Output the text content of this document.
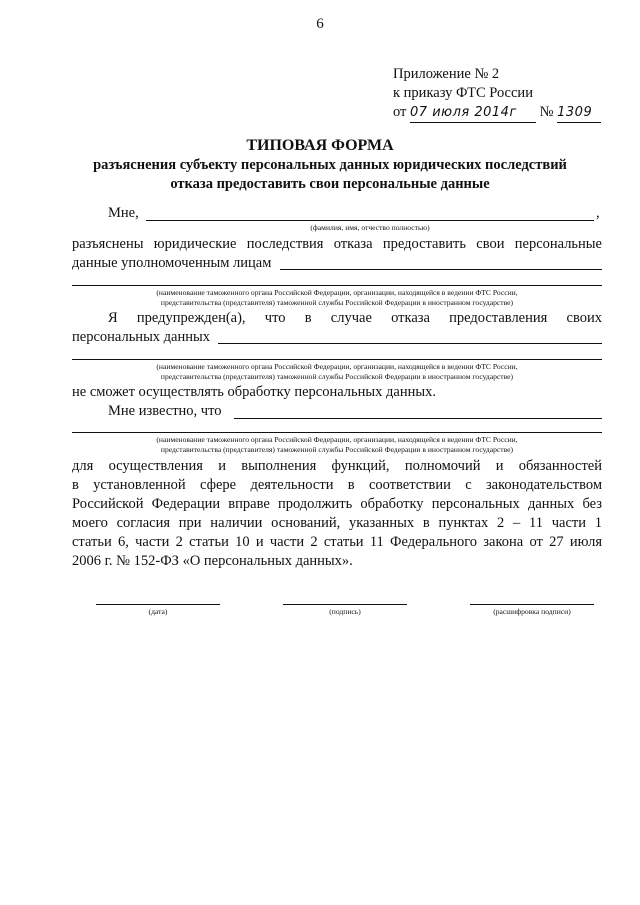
6
Приложение № 2
к приказу ФТС России
от 07 июля 2014г № 1309
ТИПОВАЯ ФОРМА
разъяснения субъекту персональных данных юридических последствий
отказа предоставить свои персональные данные
Мне,	,
(фамилия, имя, отчество полностью)
разъяснены юридические последствия отказа предоставить свои персональные
данные уполномоченным лицам
(наименование таможенного органа Российской Федерации, организации, находящейся в ведении ФТС России,
представительства (представителя) таможенной службы Российской Федерации в иностранном государстве)
Я предупрежден(а), что в случае отказа предоставления своих
персональных данных
(наименование таможенного органа Российской Федерации, организации, находящейся в ведении ФТС России,
представительства (представителя) таможенной службы Российской Федерации в иностранном государстве)
не сможет осуществлять обработку персональных данных.
Мне известно, что
(наименование таможенного органа Российской Федерации, организации, находящейся в ведении ФТС России,
представительства (представителя) таможенной службы Российской Федерации в иностранном государстве)
для осуществления и выполнения функций, полномочий и обязанностей
в установленной сфере деятельности в соответствии с законодательством
Российской Федерации вправе продолжить обработку персональных данных без
моего согласия при наличии оснований, указанных в пунктах 2 – 11 части 1
статьи 6, части 2 статьи 10 и части 2 статьи 11 Федерального закона от 27 июля
2006 г. № 152-ФЗ «О персональных данных».
(дата)	(подпись)	(расшифровка подписи)
